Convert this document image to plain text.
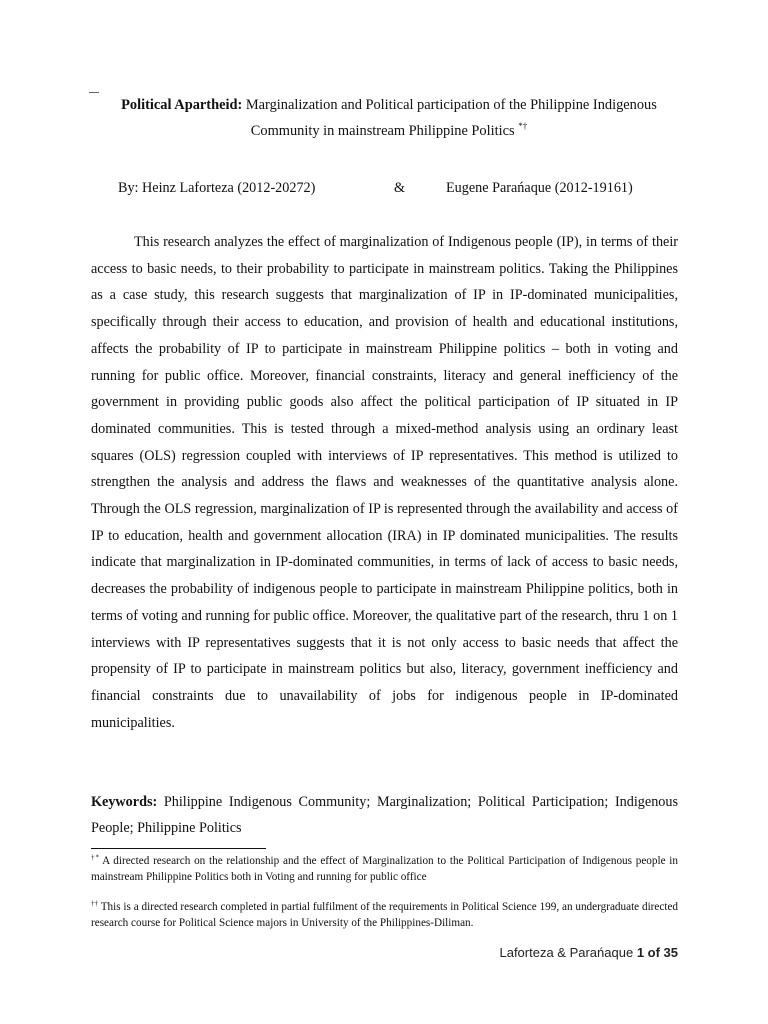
Political Apartheid: Marginalization and Political participation of the Philippine Indigenous Community in mainstream Philippine Politics *†
By: Heinz Laforteza (2012-20272)	&	Eugene Parańaque (2012-19161)

This research analyzes the effect of marginalization of Indigenous people (IP), in terms of their access to basic needs, to their probability to participate in mainstream politics. Taking the Philippines as a case study, this research suggests that marginalization of IP in IP-dominated municipalities, specifically through their access to education, and provision of health and educational institutions, affects the probability of IP to participate in mainstream Philippine politics – both in voting and running for public office. Moreover, financial constraints, literacy and general inefficiency of the government in providing public goods also affect the political participation of IP situated in IP dominated communities. This is tested through a mixed-method analysis using an ordinary least squares (OLS) regression coupled with interviews of IP representatives. This method is utilized to strengthen the analysis and address the flaws and weaknesses of the quantitative analysis alone. Through the OLS regression, marginalization of IP is represented through the availability and access of IP to education, health and government allocation (IRA) in IP dominated municipalities. The results indicate that marginalization in IP-dominated communities, in terms of lack of access to basic needs, decreases the probability of indigenous people to participate in mainstream Philippine politics, both in terms of voting and running for public office. Moreover, the qualitative part of the research, thru 1 on 1 interviews with IP representatives suggests that it is not only access to basic needs that affect the propensity of IP to participate in mainstream politics but also, literacy, government inefficiency and financial constraints due to unavailability of jobs for indigenous people in IP-dominated municipalities.

Keywords: Philippine Indigenous Community; Marginalization; Political Participation; Indigenous People; Philippine Politics

†* A directed research on the relationship and the effect of Marginalization to the Political Participation of Indigenous people in mainstream Philippine Politics both in Voting and running for public office

†† This is a directed research completed in partial fulfilment of the requirements in Political Science 199, an undergraduate directed research course for Political Science majors in University of the Philippines-Diliman.

Laforteza & Parańaque 1 of 35
